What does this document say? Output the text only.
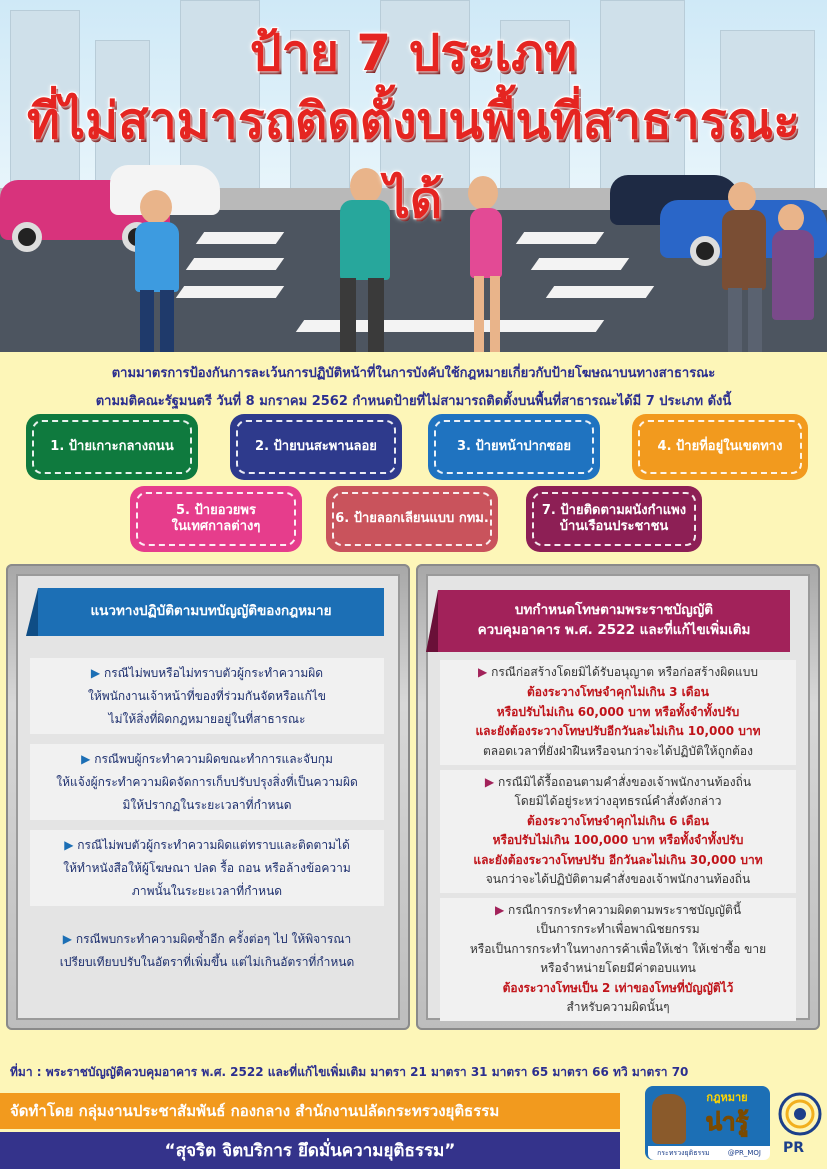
ป้าย 7 ประเภท
ที่ไม่สามารถติดตั้งบนพื้นที่สาธารณะได้
ตามมาตรการป้องกันการละเว้นการปฏิบัติหน้าที่ในการบังคับใช้กฎหมายเกี่ยวกับป้ายโฆษณาบนทางสาธารณะ
ตามมติคณะรัฐมนตรี วันที่ 8 มกราคม 2562 กำหนดป้ายที่ไม่สามารถติดตั้งบนพื้นที่สาธารณะได้มี 7 ประเภท ดังนี้
1. ป้ายเกาะกลางถนน	2. ป้ายบนสะพานลอย	3. ป้ายหน้าปากซอย	4. ป้ายที่อยู่ในเขตทาง
5. ป้ายอวยพร
ในเทศกาลต่างๆ
6. ป้ายลอกเลียนแบบ กทม.
7. ป้ายติดตามผนังกำแพง
บ้านเรือนประชาชน
แนวทางปฏิบัติตามบทบัญญัติของกฎหมาย
▶ กรณีไม่พบหรือไม่ทราบตัวผู้กระทำความผิด
ให้พนักงานเจ้าหน้าที่ของที่ร่วมกันจัดหรือแก้ไข
ไม่ให้สิ่งที่ผิดกฎหมายอยู่ในที่สาธารณะ
▶ กรณีพบผู้กระทำความผิดขณะทำการและจับกุม
ให้แจ้งผู้กระทำความผิดจัดการเก็บปรับปรุงสิ่งที่เป็นความผิด
มิให้ปรากฏในระยะเวลาที่กำหนด
▶ กรณีไม่พบตัวผู้กระทำความผิดแต่ทราบและติดตามได้
ให้ทำหนังสือให้ผู้โฆษณา ปลด รื้อ ถอน หรือล้างข้อความ
ภาพนั้นในระยะเวลาที่กำหนด
▶ กรณีพบกระทำความผิดซ้ำอีก ครั้งต่อๆ ไป ให้พิจารณา
เปรียบเทียบปรับในอัตราที่เพิ่มขึ้น แต่ไม่เกินอัตราที่กำหนด
บทกำหนดโทษตามพระราชบัญญัติ
ควบคุมอาคาร พ.ศ. 2522 และที่แก้ไขเพิ่มเติม
▶ กรณีก่อสร้างโดยมิได้รับอนุญาต หรือก่อสร้างผิดแบบ
ต้องระวางโทษจำคุกไม่เกิน 3 เดือน
หรือปรับไม่เกิน 60,000 บาท หรือทั้งจำทั้งปรับ
และยังต้องระวางโทษปรับอีกวันละไม่เกิน 10,000 บาท
ตลอดเวลาที่ยังฝ่าฝืนหรือจนกว่าจะได้ปฏิบัติให้ถูกต้อง
▶ กรณีมิได้รื้อถอนตามคำสั่งของเจ้าพนักงานท้องถิ่น
โดยมิได้อยู่ระหว่างอุทธรณ์คำสั่งดังกล่าว
ต้องระวางโทษจำคุกไม่เกิน 6 เดือน
หรือปรับไม่เกิน 100,000 บาท หรือทั้งจำทั้งปรับ
และยังต้องระวางโทษปรับ อีกวันละไม่เกิน 30,000 บาท
จนกว่าจะได้ปฏิบัติตามคำสั่งของเจ้าพนักงานท้องถิ่น
▶ กรณีการกระทำความผิดตามพระราชบัญญัตินี้
เป็นการกระทำเพื่อพาณิชยกรรม
หรือเป็นการกระทำในทางการค้าเพื่อให้เช่า ให้เช่าซื้อ ขาย
หรือจำหน่ายโดยมีค่าตอบแทน
ต้องระวางโทษเป็น 2 เท่าของโทษที่บัญญัติไว้
สำหรับความผิดนั้นๆ
ที่มา : พระราชบัญญัติควบคุมอาคาร พ.ศ. 2522 และที่แก้ไขเพิ่มเติม มาตรา 21 มาตรา 31 มาตรา 65 มาตรา 66 ทวิ มาตรา 70
จัดทำโดย กลุ่มงานประชาสัมพันธ์ กองกลาง สำนักงานปลัดกระทรวงยุติธรรม
“สุจริต จิตบริการ ยึดมั่นความยุติธรรม”
กฎหมาย
น่ารู้
กระทรวงยุติธรรม	@PR_MOJ PR
